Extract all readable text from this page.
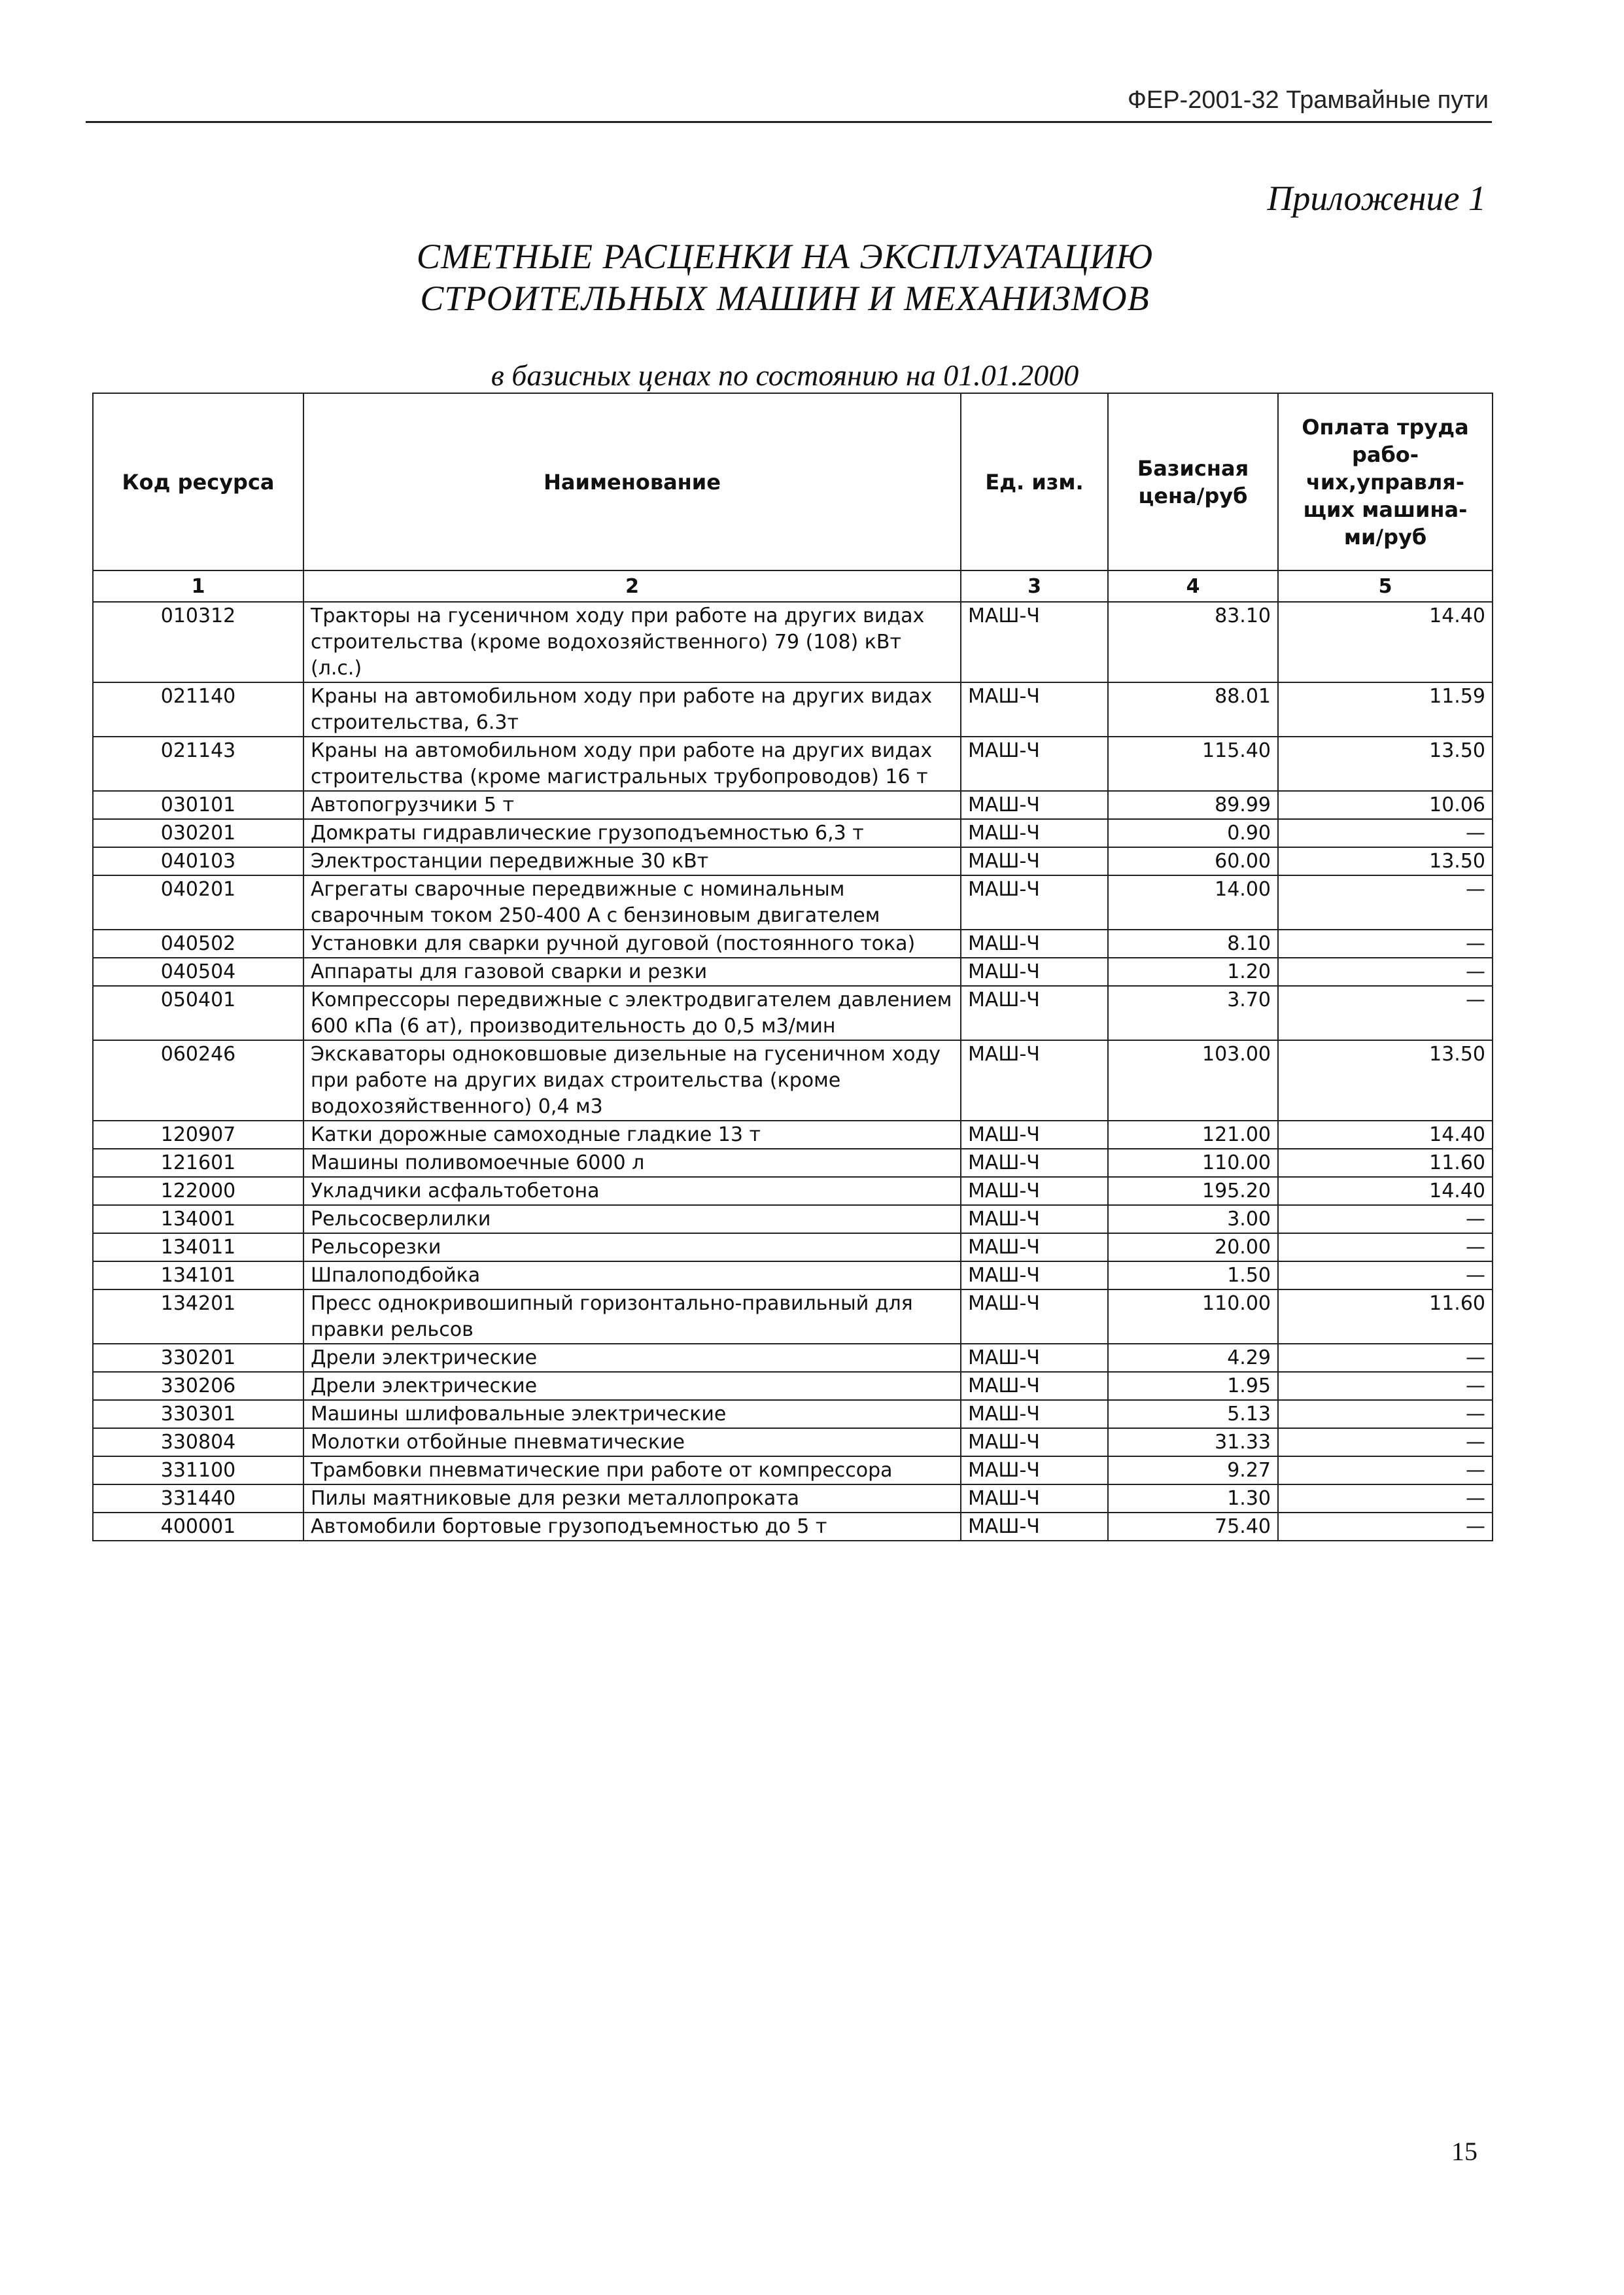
ФЕР-2001-32 Трамвайные пути
Приложение 1
СМЕТНЫЕ РАСЦЕНКИ НА ЭКСПЛУАТАЦИЮ
СТРОИТЕЛЬНЫХ МАШИН И МЕХАНИЗМОВ
в базисных ценах по состоянию на 01.01.2000
Код ресурса	Наименование	Ед. изм.	Базисная цена/руб	Оплата труда рабо-чих,управля-щих машина-ми/руб
1	2	3	4	5
010312	Тракторы на гусеничном ходу при работе на других видах строительства (кроме водохозяйственного) 79 (108) кВт (л.с.)	МАШ-Ч	83.10	14.40
021140	Краны на автомобильном ходу при работе на других видах строительства, 6.3т	МАШ-Ч	88.01	11.59
021143	Краны на автомобильном ходу при работе на других видах строительства (кроме магистральных трубопроводов) 16 т	МАШ-Ч	115.40	13.50
030101	Автопогрузчики 5 т	МАШ-Ч	89.99	10.06
030201	Домкраты гидравлические грузоподъемностью 6,3 т	МАШ-Ч	0.90	—
040103	Электростанции передвижные 30 кВт	МАШ-Ч	60.00	13.50
040201	Агрегаты сварочные передвижные с номинальным сварочным током 250-400 А с бензиновым двигателем	МАШ-Ч	14.00	—
040502	Установки для сварки ручной дуговой (постоянного тока)	МАШ-Ч	8.10	—
040504	Аппараты для газовой сварки и резки	МАШ-Ч	1.20	—
050401	Компрессоры передвижные с электродвигателем давлением 600 кПа (6 ат), производительность до 0,5 м3/мин	МАШ-Ч	3.70	—
060246	Экскаваторы одноковшовые дизельные на гусеничном ходу при работе на других видах строительства (кроме водохозяйственного) 0,4 м3	МАШ-Ч	103.00	13.50
120907	Катки дорожные самоходные гладкие 13 т	МАШ-Ч	121.00	14.40
121601	Машины поливомоечные 6000 л	МАШ-Ч	110.00	11.60
122000	Укладчики асфальтобетона	МАШ-Ч	195.20	14.40
134001	Рельсосверлилки	МАШ-Ч	3.00	—
134011	Рельсорезки	МАШ-Ч	20.00	—
134101	Шпалоподбойка	МАШ-Ч	1.50	—
134201	Пресс однокривошипный горизонтально-правильный для правки рельсов	МАШ-Ч	110.00	11.60
330201	Дрели электрические	МАШ-Ч	4.29	—
330206	Дрели электрические	МАШ-Ч	1.95	—
330301	Машины шлифовальные электрические	МАШ-Ч	5.13	—
330804	Молотки отбойные пневматические	МАШ-Ч	31.33	—
331100	Трамбовки пневматические при работе от компрессора	МАШ-Ч	9.27	—
331440	Пилы маятниковые для резки металлопроката	МАШ-Ч	1.30	—
400001	Автомобили бортовые грузоподъемностью до 5 т	МАШ-Ч	75.40	—
15
